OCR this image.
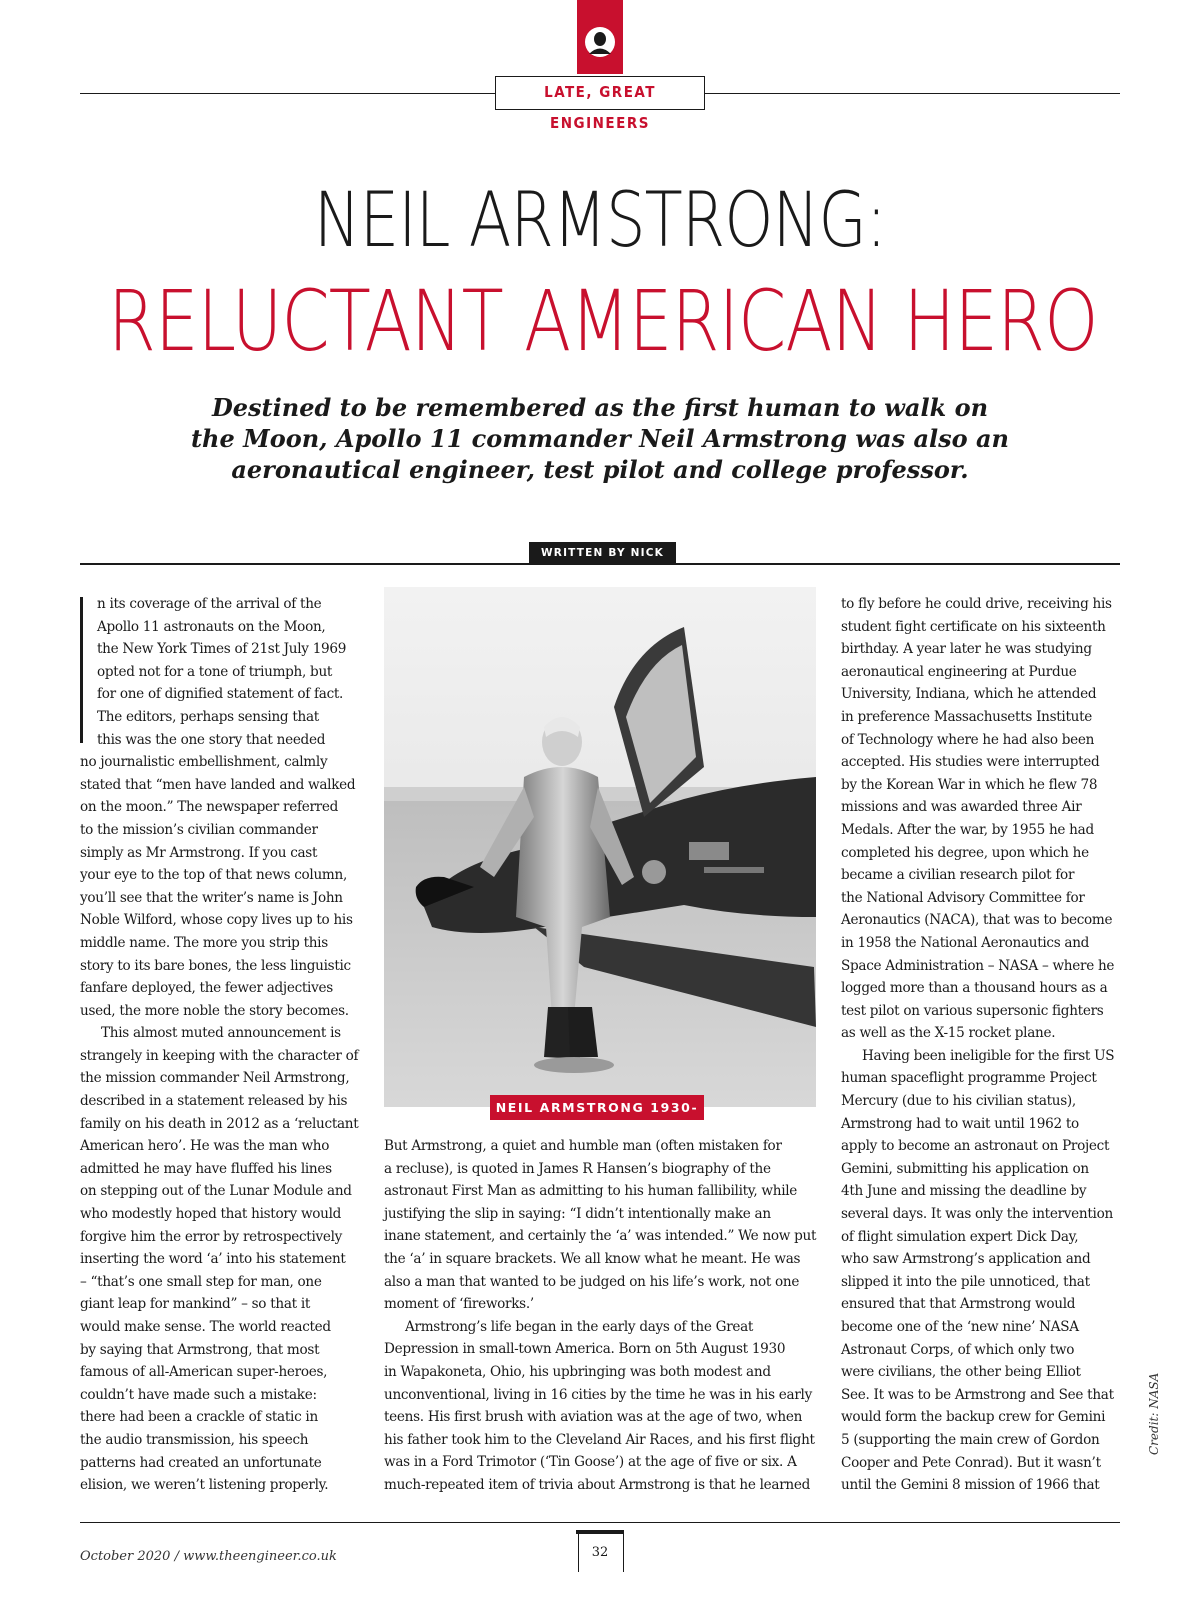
LATE, GREAT ENGINEERS
NEIL ARMSTRONG:
RELUCTANT AMERICAN HERO
Destined to be remembered as the first human to walk on
the Moon, Apollo 11 commander Neil Armstrong was also an
aeronautical engineer, test pilot and college professor.
WRITTEN BY NICK SMITH
n its coverage of the arrival of the
Apollo 11 astronauts on the Moon,
the New York Times of 21st July 1969
opted not for a tone of triumph, but
for one of dignified statement of fact.
The editors, perhaps sensing that
this was the one story that needed
no journalistic embellishment, calmly
stated that “men have landed and walked
on the moon.” The newspaper referred
to the mission’s civilian commander
simply as Mr Armstrong. If you cast
your eye to the top of that news column,
you’ll see that the writer’s name is John
Noble Wilford, whose copy lives up to his
middle name. The more you strip this
story to its bare bones, the less linguistic
fanfare deployed, the fewer adjectives
used, the more noble the story becomes.
This almost muted announcement is
strangely in keeping with the character of
the mission commander Neil Armstrong,
described in a statement released by his
family on his death in 2012 as a ‘reluctant
American hero’. He was the man who
admitted he may have fluffed his lines
on stepping out of the Lunar Module and
who modestly hoped that history would
forgive him the error by retrospectively
inserting the word ‘a’ into his statement
– “that’s one small step for man, one
giant leap for mankind” – so that it
would make sense. The world reacted
by saying that Armstrong, that most
famous of all-American super-heroes,
couldn’t have made such a mistake:
there had been a crackle of static in
the audio transmission, his speech
patterns had created an unfortunate
elision, we weren’t listening properly.
But Armstrong, a quiet and humble man (often mistaken for
a recluse), is quoted in James R Hansen’s biography of the
astronaut First Man as admitting to his human fallibility, while
justifying the slip in saying: “I didn’t intentionally make an
inane statement, and certainly the ‘a’ was intended.” We now put
the ‘a’ in square brackets. We all know what he meant. He was
also a man that wanted to be judged on his life’s work, not one
moment of ‘fireworks.’
Armstrong’s life began in the early days of the Great
Depression in small-town America. Born on 5th August 1930
in Wapakoneta, Ohio, his upbringing was both modest and
unconventional, living in 16 cities by the time he was in his early
teens. His first brush with aviation was at the age of two, when
his father took him to the Cleveland Air Races, and his first flight
was in a Ford Trimotor (‘Tin Goose’) at the age of five or six. A
much-repeated item of trivia about Armstrong is that he learned
to fly before he could drive, receiving his
student fight certificate on his sixteenth
birthday. A year later he was studying
aeronautical engineering at Purdue
University, Indiana, which he attended
in preference Massachusetts Institute
of Technology where he had also been
accepted. His studies were interrupted
by the Korean War in which he flew 78
missions and was awarded three Air
Medals. After the war, by 1955 he had
completed his degree, upon which he
became a civilian research pilot for
the National Advisory Committee for
Aeronautics (NACA), that was to become
in 1958 the National Aeronautics and
Space Administration – NASA – where he
logged more than a thousand hours as a
test pilot on various supersonic fighters
as well as the X-15 rocket plane.
Having been ineligible for the first US
human spaceflight programme Project
Mercury (due to his civilian status),
Armstrong had to wait until 1962 to
apply to become an astronaut on Project
Gemini, submitting his application on
4th June and missing the deadline by
several days. It was only the intervention
of flight simulation expert Dick Day,
who saw Armstrong’s application and
slipped it into the pile unnoticed, that
ensured that that Armstrong would
become one of the ‘new nine’ NASA
Astronaut Corps, of which only two
were civilians, the other being Elliot
See. It was to be Armstrong and See that
would form the backup crew for Gemini
5 (supporting the main crew of Gordon
Cooper and Pete Conrad). But it wasn’t
until the Gemini 8 mission of 1966 that
NEIL ARMSTRONG 1930-2012
Credit: NASA
October 2020 / www.theengineer.co.uk	32
